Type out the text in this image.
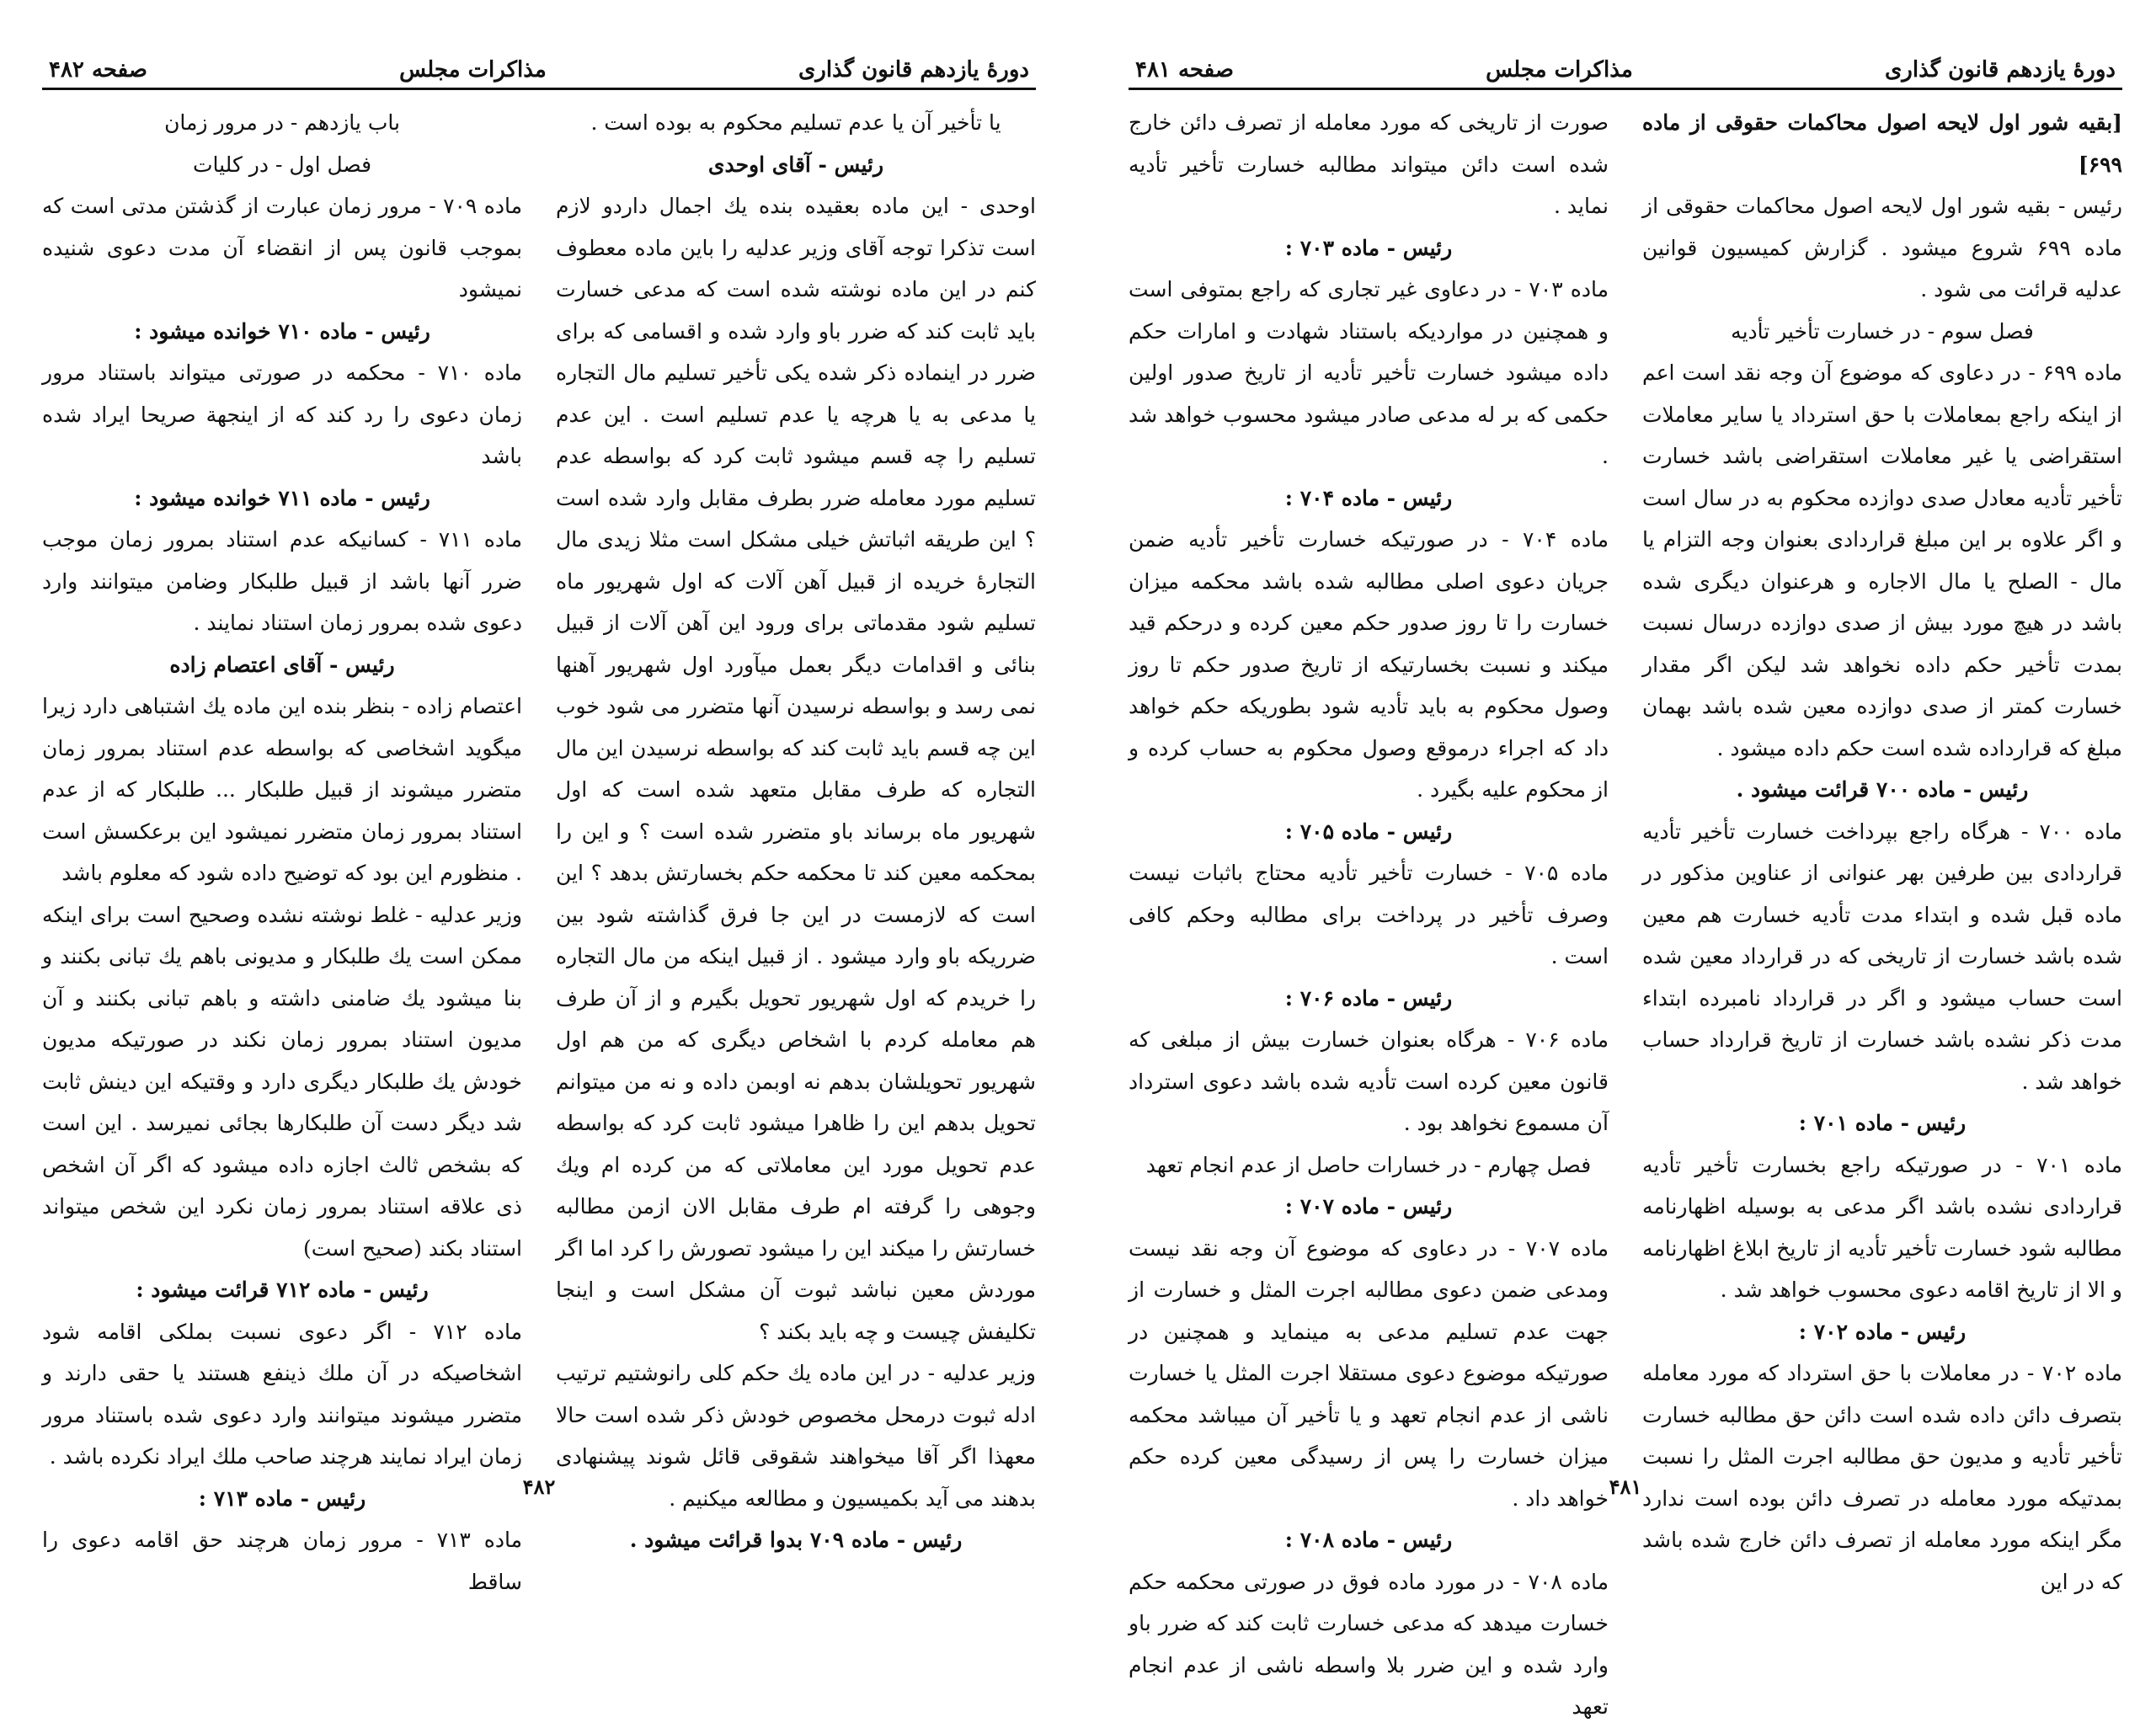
دورهٔ یازدهم قانون گذاری
مذاکرات مجلس
صفحه ۴۸۲

یا تأخیر آن یا عدم تسلیم محکوم به بوده است .

رئیس - آقای اوحدی

اوحدی - این ماده بعقیده بنده یك اجمال داردو لازم است تذکرا توجه آقای وزیر عدلیه را باین ماده معطوف کنم در این ماده نوشته شده است که مدعی خسارت باید ثابت کند که ضرر باو وارد شده و اقسامی که برای ضرر در اینماده ذکر شده یکی تأخیر تسلیم مال التجاره یا مدعی به یا هرچه یا عدم تسلیم است . این عدم تسلیم را چه قسم میشود ثابت کرد که بواسطه عدم تسلیم مورد معامله ضرر بطرف مقابل وارد شده است ؟ این طریقه اثباتش خیلی مشکل است مثلا زیدی مال التجارهٔ خریده از قبیل آهن آلات که اول شهریور ماه تسلیم شود مقدماتی برای ورود این آهن آلات از قبیل بنائی و اقدامات دیگر بعمل میآورد اول شهریور آهنها نمی رسد و بواسطه نرسیدن آنها متضرر می شود خوب این چه قسم باید ثابت کند که بواسطه نرسیدن این مال التجاره که طرف مقابل متعهد شده است که اول شهریور ماه برساند باو متضرر شده است ؟ و این را بمحکمه معین کند تا محکمه حکم بخسارتش بدهد ؟ این است که لازمست در این جا فرق گذاشته شود بین ضرریکه باو وارد میشود . از قبیل اینکه من مال التجاره را خریدم که اول شهریور تحویل بگیرم و از آن طرف هم معامله کردم با اشخاص دیگری که من هم اول شهریور تحویلشان بدهم نه اوبمن داده و نه من میتوانم تحویل بدهم این را ظاهرا میشود ثابت کرد که بواسطه عدم تحویل مورد این معاملاتی که من کرده ام ویك وجوهی را گرفته ام طرف مقابل الان ازمن مطالبه خسارتش را میکند این را میشود تصورش را کرد اما اگر موردش معین نباشد ثبوت آن مشکل است و اینجا تکلیفش چیست و چه باید بکند ؟

وزیر عدلیه - در این ماده یك حکم کلی رانوشتیم ترتیب ادله ثبوت درمحل مخصوص خودش ذکر شده است حالا معهذا اگر آقا میخواهند شقوقی قائل شوند پیشنهادی بدهند می آید بکمیسیون و مطالعه میکنیم .

رئیس - ماده ۷۰۹ بدوا قرائت میشود .

باب یازدهم - در مرور زمان

فصل اول - در کلیات

ماده ۷۰۹ - مرور زمان عبارت از گذشتن مدتی است که بموجب قانون پس از انقضاء آن مدت دعوی شنیده نمیشود

رئیس - ماده ۷۱۰ خوانده میشود :

ماده ۷۱۰ - محکمه در صورتی میتواند باستناد مرور زمان دعوی را رد کند که از اینجهة صریحا ایراد شده باشد

رئیس - ماده ۷۱۱ خوانده میشود :

ماده ۷۱۱ - کسانیکه عدم استناد بمرور زمان موجب ضرر آنها باشد از قبیل طلبکار وضامن میتوانند وارد دعوی شده بمرور زمان استناد نمایند .

رئیس - آقای اعتصام زاده

اعتصام زاده - بنظر بنده این ماده یك اشتباهی دارد زیرا میگوید اشخاصی که بواسطه عدم استناد بمرور زمان متضرر میشوند از قبیل طلبکار ... طلبکار که از عدم استناد بمرور زمان متضرر نمیشود این برعکسش است . منظورم این بود که توضیح داده شود که معلوم باشد

وزیر عدلیه - غلط نوشته نشده وصحیح است برای اینکه ممکن است یك طلبکار و مدیونی باهم یك تبانی بکنند و بنا میشود یك ضامنی داشته و باهم تبانی بکنند و آن مدیون استناد بمرور زمان نکند در صورتیکه مدیون خودش یك طلبکار دیگری دارد و وقتیکه این دینش ثابت شد دیگر دست آن طلبکارها بجائی نمیرسد . این است که بشخص ثالث اجازه داده میشود که اگر آن اشخص ذی علاقه استناد بمرور زمان نکرد این شخص میتواند استناد بکند (صحیح است)

رئیس - ماده ۷۱۲ قرائت میشود :

ماده ۷۱۲ - اگر دعوی نسبت بملکی اقامه شود اشخاصیکه در آن ملك ذینفع هستند یا حقی دارند و متضرر میشوند میتوانند وارد دعوی شده باستناد مرور زمان ایراد نمایند هرچند صاحب ملك ایراد نکرده باشد .

رئیس - ماده ۷۱۳ :

ماده ۷۱۳ - مرور زمان هرچند حق اقامه دعوی را ساقط

۴۸۲
دورهٔ یازدهم قانون گذاری
مذاکرات مجلس
صفحه ۴۸۱

[بقیه شور اول لایحه اصول محاکمات حقوقی از ماده ۶۹۹]

رئیس - بقیه شور اول لایحه اصول محاکمات حقوقی از ماده ۶۹۹ شروع میشود . گزارش کمیسیون قوانین عدلیه قرائت می شود .

فصل سوم - در خسارت تأخیر تأدیه

ماده ۶۹۹ - در دعاوی که موضوع آن وجه نقد است اعم از اینکه راجع بمعاملات با حق استرداد یا سایر معاملات استقراضی یا غیر معاملات استقراضی باشد خسارت تأخیر تأدیه معادل صدی دوازده محکوم به در سال است و اگر علاوه بر این مبلغ قراردادی بعنوان وجه التزام یا مال - الصلح یا مال الاجاره و هرعنوان دیگری شده باشد در هیچ مورد بیش از صدی دوازده درسال نسبت بمدت تأخیر حکم داده نخواهد شد لیکن اگر مقدار خسارت کمتر از صدی دوازده معین شده باشد بهمان مبلغ که قرارداده شده است حکم داده میشود .

رئیس - ماده ۷۰۰ قرائت میشود .

ماده ۷۰۰ - هرگاه راجع بپرداخت خسارت تأخیر تأدیه قراردادی بین طرفین بهر عنوانی از عناوین مذکور در ماده قبل شده و ابتداء مدت تأدیه خسارت هم معین شده باشد خسارت از تاریخی که در قرارداد معین شده است حساب میشود و اگر در قرارداد نامبرده ابتداء مدت ذکر نشده باشد خسارت از تاریخ قرارداد حساب خواهد شد .

رئیس - ماده ۷۰۱ :

ماده ۷۰۱ - در صورتیکه راجع بخسارت تأخیر تأدیه قراردادی نشده باشد اگر مدعی به بوسیله اظهارنامه مطالبه شود خسارت تأخیر تأدیه از تاریخ ابلاغ اظهارنامه و الا از تاریخ اقامه دعوی محسوب خواهد شد .

رئیس - ماده ۷۰۲ :

ماده ۷۰۲ - در معاملات با حق استرداد که مورد معامله بتصرف دائن داده شده است دائن حق مطالبه خسارت تأخیر تأدیه و مدیون حق مطالبه اجرت المثل را نسبت بمدتیکه مورد معامله در تصرف دائن بوده است ندارد مگر اینکه مورد معامله از تصرف دائن خارج شده باشد که در این

صورت از تاریخی که مورد معامله از تصرف دائن خارج شده است دائن میتواند مطالبه خسارت تأخیر تأدیه نماید .

رئیس - ماده ۷۰۳ :

ماده ۷۰۳ - در دعاوی غیر تجاری که راجع بمتوفی است و همچنین در مواردیکه باستناد شهادت و امارات حکم داده میشود خسارت تأخیر تأدیه از تاریخ صدور اولین حکمی که بر له مدعی صادر میشود محسوب خواهد شد .

رئیس - ماده ۷۰۴ :

ماده ۷۰۴ - در صورتیکه خسارت تأخیر تأدیه ضمن جریان دعوی اصلی مطالبه شده باشد محکمه میزان خسارت را تا روز صدور حکم معین کرده و درحکم قید میکند و نسبت بخسارتیکه از تاریخ صدور حکم تا روز وصول محکوم به باید تأدیه شود بطوریکه حکم خواهد داد که اجراء درموقع وصول محکوم به حساب کرده و از محکوم علیه بگیرد .

رئیس - ماده ۷۰۵ :

ماده ۷۰۵ - خسارت تأخیر تأدیه محتاج باثبات نیست وصرف تأخیر در پرداخت برای مطالبه وحکم کافی است .

رئیس - ماده ۷۰۶ :

ماده ۷۰۶ - هرگاه بعنوان خسارت بیش از مبلغی که قانون معین کرده است تأدیه شده باشد دعوی استرداد آن مسموع نخواهد بود .

فصل چهارم - در خسارات حاصل از عدم انجام تعهد

رئیس - ماده ۷۰۷ :

ماده ۷۰۷ - در دعاوی که موضوع آن وجه نقد نیست ومدعی ضمن دعوی مطالبه اجرت المثل و خسارت از جهت عدم تسلیم مدعی به مینماید و همچنین در صورتیکه موضوع دعوی مستقلا اجرت المثل یا خسارت ناشی از عدم انجام تعهد و یا تأخیر آن میباشد محکمه میزان خسارت را پس از رسیدگی معین کرده حکم خواهد داد .

رئیس - ماده ۷۰۸ :

ماده ۷۰۸ - در مورد ماده فوق در صورتی محکمه حکم خسارت میدهد که مدعی خسارت ثابت کند که ضرر باو وارد شده و این ضرر بلا واسطه ناشی از عدم انجام تعهد

۴۸۱
